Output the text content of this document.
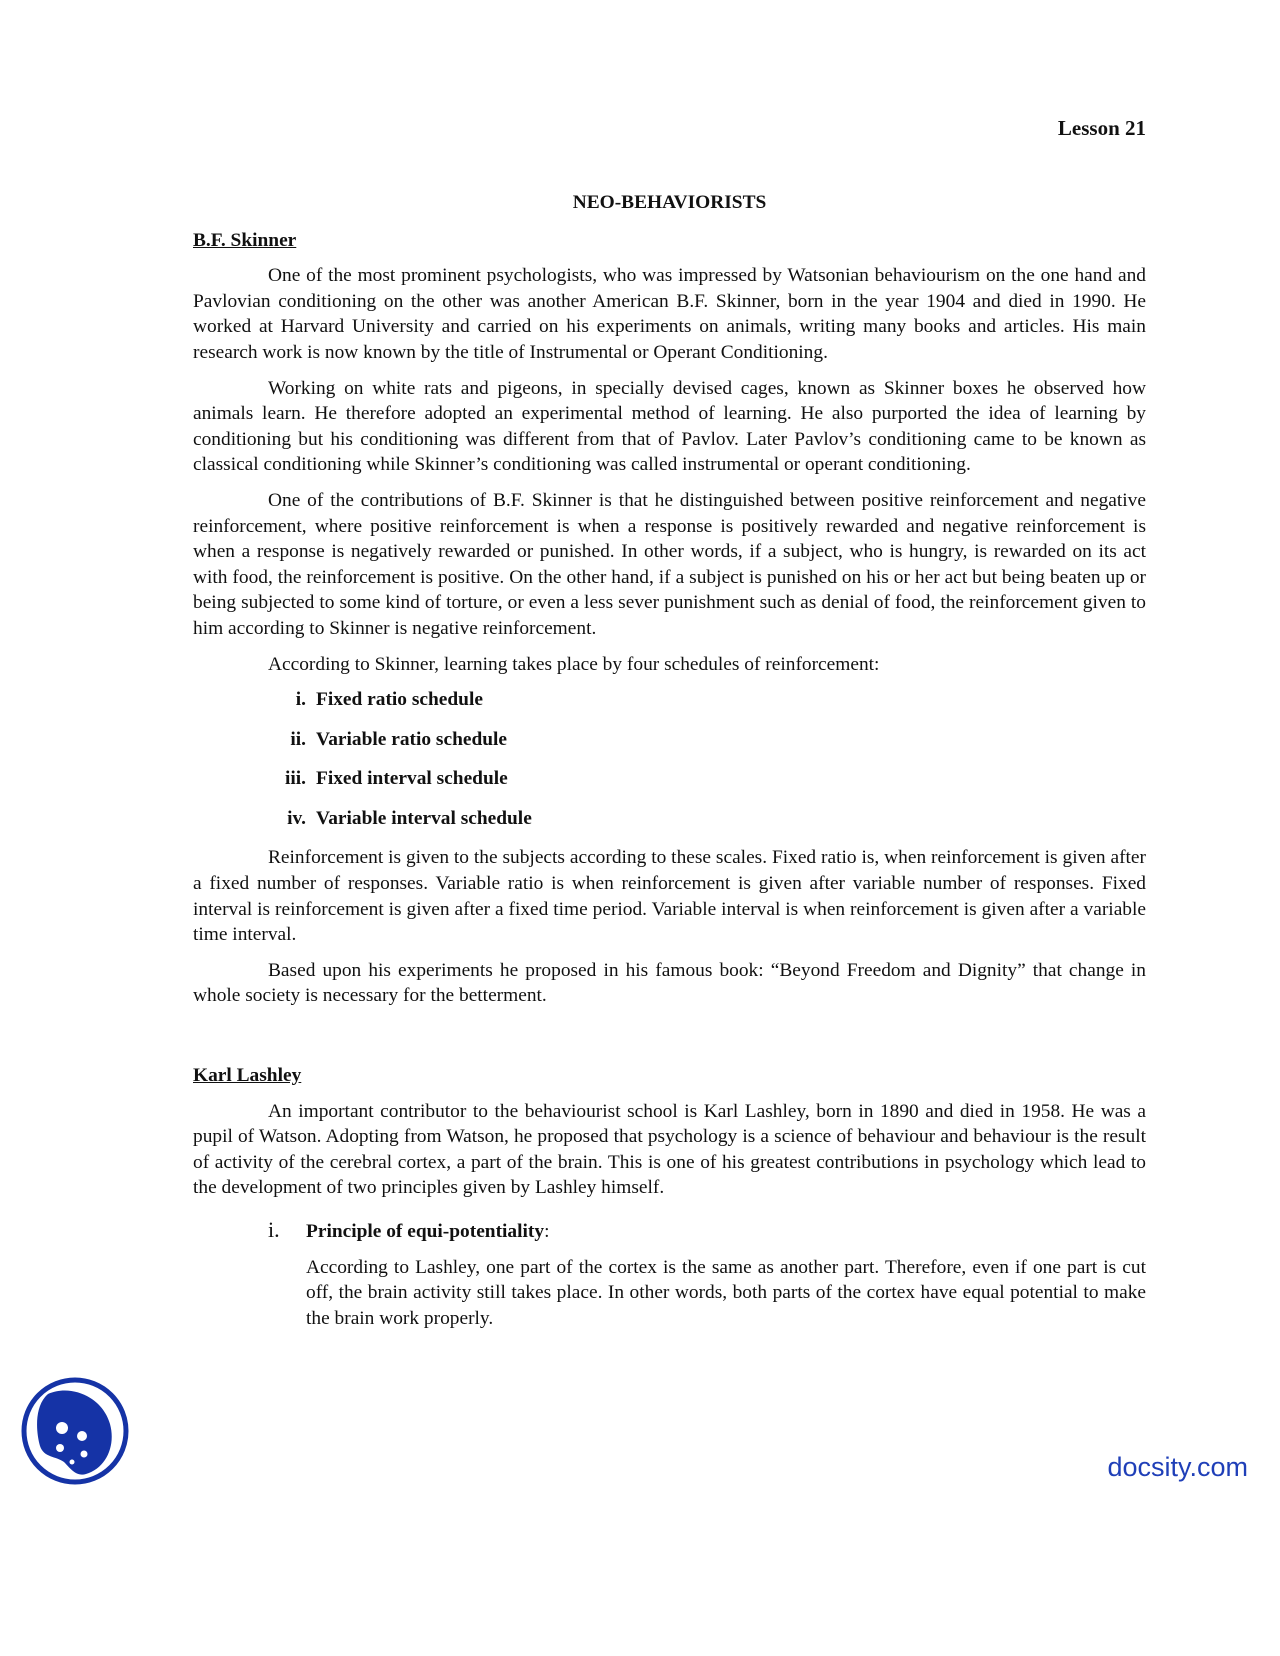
Lesson 21
NEO-BEHAVIORISTS
B.F. Skinner

One of the most prominent psychologists, who was impressed by Watsonian behaviourism on the one hand and Pavlovian conditioning on the other was another American B.F. Skinner, born in the year 1904 and died in 1990. He worked at Harvard University and carried on his experiments on animals, writing many books and articles. His main research work is now known by the title of Instrumental or Operant Conditioning.

Working on white rats and pigeons, in specially devised cages, known as Skinner boxes he observed how animals learn. He therefore adopted an experimental method of learning. He also purported the idea of learning by conditioning but his conditioning was different from that of Pavlov. Later Pavlov’s conditioning came to be known as classical conditioning while Skinner’s conditioning was called instrumental or operant conditioning.

One of the contributions of B.F. Skinner is that he distinguished between positive reinforcement and negative reinforcement, where positive reinforcement is when a response is positively rewarded and negative reinforcement is when a response is negatively rewarded or punished. In other words, if a subject, who is hungry, is rewarded on its act with food, the reinforcement is positive. On the other hand, if a subject is punished on his or her act but being beaten up or being subjected to some kind of torture, or even a less sever punishment such as denial of food, the reinforcement given to him according to Skinner is negative reinforcement.

According to Skinner, learning takes place by four schedules of reinforcement:

i. Fixed ratio schedule
ii. Variable ratio schedule
iii. Fixed interval schedule
iv. Variable interval schedule

Reinforcement is given to the subjects according to these scales. Fixed ratio is, when reinforcement is given after a fixed number of responses. Variable ratio is when reinforcement is given after variable number of responses. Fixed interval is reinforcement is given after a fixed time period. Variable interval is when reinforcement is given after a variable time interval.

Based upon his experiments he proposed in his famous book: “Beyond Freedom and Dignity” that change in whole society is necessary for the betterment.

Karl Lashley

An important contributor to the behaviourist school is Karl Lashley, born in 1890 and died in 1958. He was a pupil of Watson. Adopting from Watson, he proposed that psychology is a science of behaviour and behaviour is the result of activity of the cerebral cortex, a part of the brain. This is one of his greatest contributions in psychology which lead to the development of two principles given by Lashley himself.

i.	Principle of equi-potentiality :

According to Lashley, one part of the cortex is the same as another part. Therefore, even if one part is cut off, the brain activity still takes place. In other words, both parts of the cortex have equal potential to make the brain work properly.

docsity.com
